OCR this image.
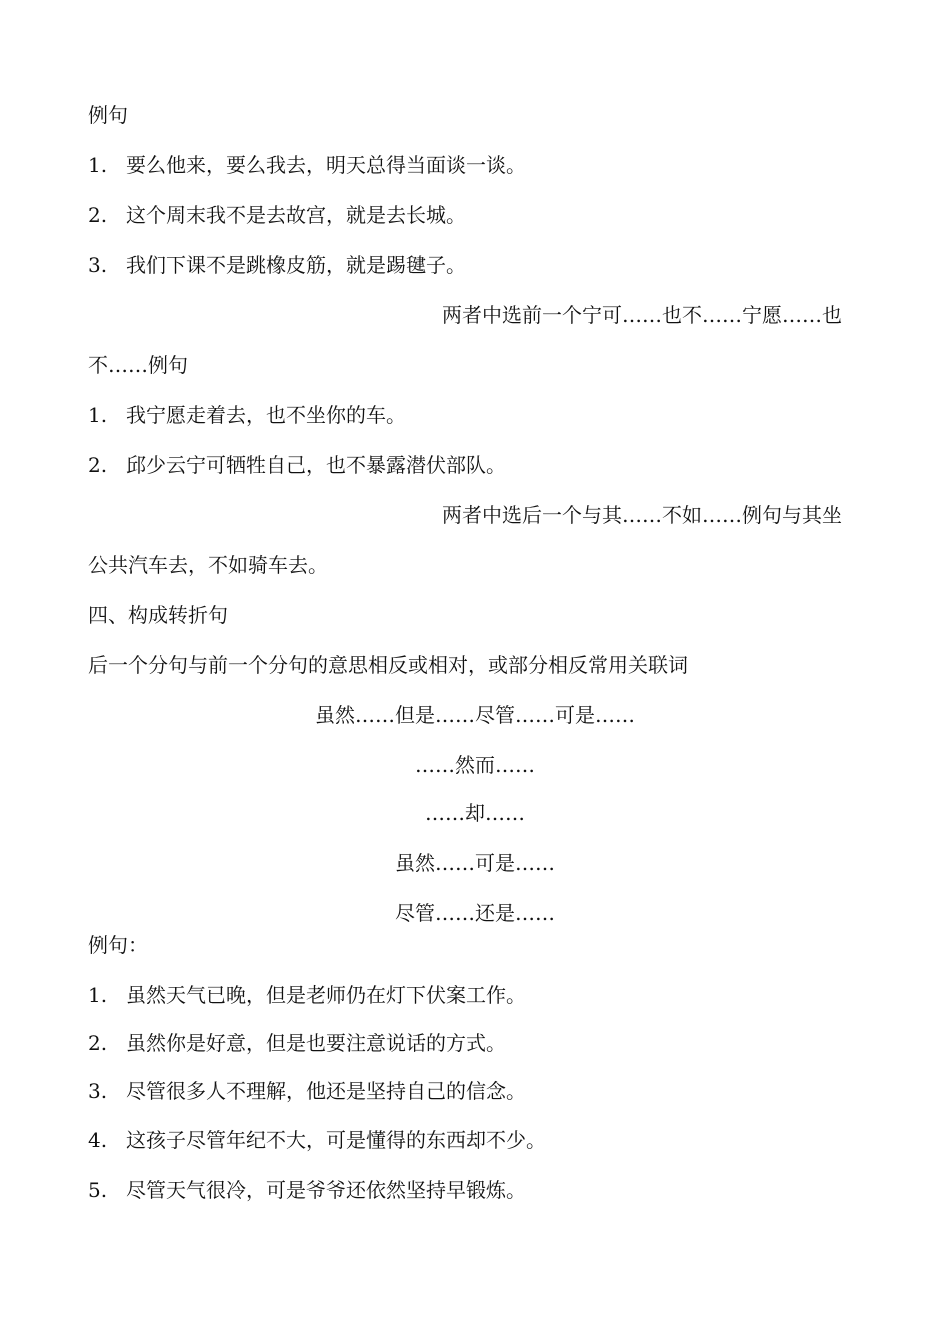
例句
1. 要么他来，要么我去，明天总得当面谈一谈。
2. 这个周末我不是去故宫，就是去长城。
3. 我们下课不是跳橡皮筋，就是踢毽子。
两者中选前一个宁可……也不……宁愿……也
不……例句
1. 我宁愿走着去，也不坐你的车。
2. 邱少云宁可牺牲自己，也不暴露潜伏部队。
两者中选后一个与其……不如……例句与其坐
公共汽车去，不如骑车去。
四、构成转折句
后一个分句与前一个分句的意思相反或相对，或部分相反常用关联词
虽然……但是……尽管……可是……
……然而……
……却……
虽然……可是……
尽管……还是……
例句：
1. 虽然天气已晚，但是老师仍在灯下伏案工作。
2. 虽然你是好意，但是也要注意说话的方式。
3. 尽管很多人不理解，他还是坚持自己的信念。
4. 这孩子尽管年纪不大，可是懂得的东西却不少。
5. 尽管天气很冷，可是爷爷还依然坚持早锻炼。
